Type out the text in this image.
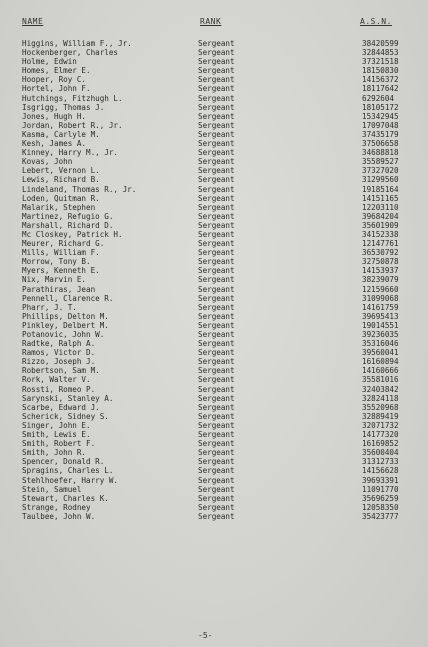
NAME	RANK	A.S.N.
Higgins, William F., Jr.	Sergeant	38420599
Hockenberger, Charles	Sergeant	32844853
Holme, Edwin	Sergeant	37321518
Homes, Elmer E.	Sergeant	18150830
Hooper, Roy C.	Sergeant	14156372
Hortel, John F.	Sergeant	18117642
Hutchings, Fitzhugh L.	Sergeant	6292604
Isgrigg, Thomas J.	Sergeant	18105172
Jones, Hugh H.	Sergeant	15342945
Jordan, Robert R., Jr.	Sergeant	17097048
Kasma, Carlyle M.	Sergeant	37435179
Kesh, James A.	Sergeant	37506658
Kinney, Harry M., Jr.	Sergeant	34688818
Kovas, John	Sergeant	35589527
Lebert, Vernon L.	Sergeant	37327020
Lewis, Richard B.	Sergeant	31299560
Lindeland, Thomas R., Jr.	Sergeant	19185164
Loden, Quitman R.	Sergeant	14151165
Malarik, Stephen	Sergeant	12203110
Martinez, Refugio G.	Sergeant	39684204
Marshall, Richard D.	Sergeant	35601909
Mc Closkey, Patrick H.	Sergeant	34152338
Meurer, Richard G.	Sergeant	12147761
Mills, William F.	Sergeant	36530792
Morrow, Tony B.	Sergeant	32750878
Myers, Kenneth E.	Sergeant	14153937
Nix, Marvin E.	Sergeant	38239079
Parathiras, Jean	Sergeant	12159660
Pennell, Clarence R.	Sergeant	31099068
Pharr, J. T.	Sergeant	14161759
Phillips, Delton M.	Sergeant	39695413
Pinkley, Delbert M.	Sergeant	19014551
Potanovic, John W.	Sergeant	39236035
Radtke, Ralph A.	Sergeant	35316046
Ramos, Victor D.	Sergeant	39560041
Rizzo, Joseph J.	Sergeant	16160894
Robertson, Sam M.	Sergeant	14160666
Rork, Walter V.	Sergeant	35581016
Rossti, Romeo P.	Sergeant	32403842
Sarynski, Stanley A.	Sergeant	32824118
Scarbe, Edward J.	Sergeant	35520968
Scherick, Sidney S.	Sergeant	32889419
Singer, John E.	Sergeant	32071732
Smith, Lewis E.	Sergeant	14177320
Smith, Robert F.	Sergeant	16169852
Smith, John R.	Sergeant	35600404
Spencer, Donald R.	Sergeant	31312733
Spragins, Charles L.	Sergeant	14156628
Stehlhoefer, Harry W.	Sergeant	39693391
Stein, Samuel	Sergeant	11091770
Stewart, Charles K.	Sergeant	35696259
Strange, Rodney	Sergeant	12058350
Taulbee, John W.	Sergeant	35423777
-5-
